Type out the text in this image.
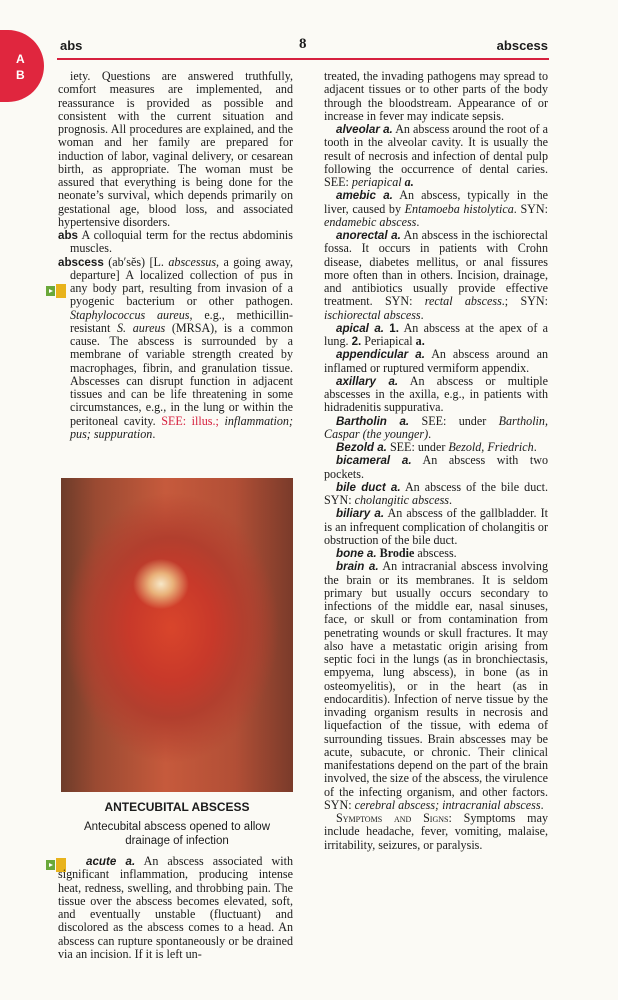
A
B
abs	8	abscess

iety. Questions are answered truthfully, comfort measures are implemented, and reassurance is provided as possible and consistent with the current situation and prognosis. All procedures are explained, and the woman and her family are prepared for induction of labor, vaginal delivery, or cesarean birth, as appropriate. The woman must be assured that everything is being done for the neonate’s survival, which depends primarily on gestational age, blood loss, and associated hypertensive disorders.

abs A colloquial term for the rectus abdominis muscles.

abscess (ab′sĕs) [L. abscessus, a going away, departure] A localized collection of pus in any body part, resulting from invasion of a pyogenic bacterium or other pathogen. Staphylococcus aureus, e.g., methicillin-resistant S. aureus (MRSA), is a common cause. The abscess is surrounded by a membrane of variable strength created by macrophages, fibrin, and granulation tissue. Abscesses can disrupt function in adjacent tissues and can be life threatening in some circumstances, e.g., in the lung or within the peritoneal cavity. SEE: illus.; inflammation; pus; suppuration.

ANTECUBITAL ABSCESS
Antecubital abscess opened to allow drainage of infection

acute a. An abscess associated with significant inflammation, producing intense heat, redness, swelling, and throbbing pain. The tissue over the abscess becomes elevated, soft, and eventually unstable (fluctuant) and discolored as the abscess comes to a head. An abscess can rupture spontaneously or be drained via an incision. If it is left un-

treated, the invading pathogens may spread to adjacent tissues or to other parts of the body through the bloodstream. Appearance of or increase in fever may indicate sepsis.

alveolar a. An abscess around the root of a tooth in the alveolar cavity. It is usually the result of necrosis and infection of dental pulp following the occurrence of dental caries. SEE: periapical a.

amebic a. An abscess, typically in the liver, caused by Entamoeba histolytica. SYN: endamebic abscess.

anorectal a. An abscess in the ischiorectal fossa. It occurs in patients with Crohn disease, diabetes mellitus, or anal fissures more often than in others. Incision, drainage, and antibiotics usually provide effective treatment. SYN: rectal abscess.; SYN: ischiorectal abscess.

apical a. 1. An abscess at the apex of a lung. 2. Periapical a.

appendicular a. An abscess around an inflamed or ruptured vermiform appendix.

axillary a. An abscess or multiple abscesses in the axilla, e.g., in patients with hidradenitis suppurativa.

Bartholin a. SEE: under Bartholin, Caspar (the younger).

Bezold a. SEE: under Bezold, Friedrich.

bicameral a. An abscess with two pockets.

bile duct a. An abscess of the bile duct. SYN: cholangitic abscess.

biliary a. An abscess of the gallbladder. It is an infrequent complication of cholangitis or obstruction of the bile duct.

bone a. Brodie abscess.

brain a. An intracranial abscess involving the brain or its membranes. It is seldom primary but usually occurs secondary to infections of the middle ear, nasal sinuses, face, or skull or from contamination from penetrating wounds or skull fractures. It may also have a metastatic origin arising from septic foci in the lungs (as in bronchiectasis, empyema, lung abscess), in bone (as in osteomyelitis), or in the heart (as in endocarditis). Infection of nerve tissue by the invading organism results in necrosis and liquefaction of the tissue, with edema of surrounding tissues. Brain abscesses may be acute, subacute, or chronic. Their clinical manifestations depend on the part of the brain involved, the size of the abscess, the virulence of the infecting organism, and other factors. SYN: cerebral abscess; intracranial abscess.

Symptoms and Signs: Symptoms may include headache, fever, vomiting, malaise, irritability, seizures, or paralysis.
